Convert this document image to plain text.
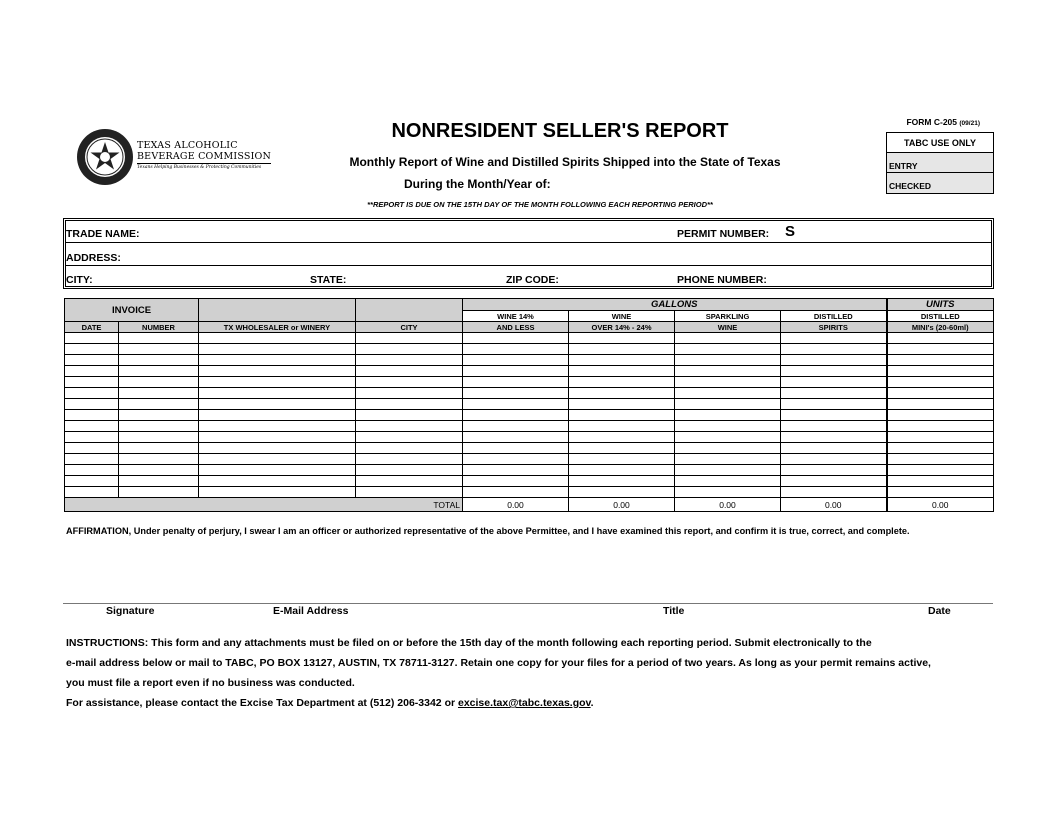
TEXAS ALCOHOLIC
BEVERAGE COMMISSION
Texans Helping Businesses & Protecting Communities
NONRESIDENT SELLER'S REPORT
Monthly Report of Wine and Distilled Spirits Shipped into the State of Texas
During the Month/Year of:
**REPORT IS DUE ON THE 15TH DAY OF THE MONTH FOLLOWING EACH REPORTING PERIOD**
FORM C-205 (09/21)
TABC USE ONLY
ENTRY
CHECKED
TRADE NAME:	PERMIT NUMBER: S
ADDRESS:
CITY:	STATE:	ZIP CODE:	PHONE NUMBER:
INVOICE				GALLONS				UNITS
				WINE 14%	WINE	SPARKLING	DISTILLED	DISTILLED
DATE	NUMBER	TX WHOLESALER or WINERY	CITY	AND LESS	OVER 14% - 24%	WINE	SPIRITS	MINI's (20-60ml)

TOTAL				0.00	0.00	0.00	0.00	0.00
AFFIRMATION, Under penalty of perjury, I swear I am an officer or authorized representative of the above Permittee, and I have examined this report, and confirm it is true, correct, and complete.
Signature	E-Mail Address	Title	Date
INSTRUCTIONS: This form and any attachments must be filed on or before the 15th day of the month following each reporting period. Submit electronically to the
e-mail address below or mail to TABC, PO BOX 13127, AUSTIN, TX 78711-3127. Retain one copy for your files for a period of two years. As long as your permit remains active,
you must file a report even if no business was conducted.
For assistance, please contact the Excise Tax Department at (512) 206-3342 or excise.tax@tabc.texas.gov.
